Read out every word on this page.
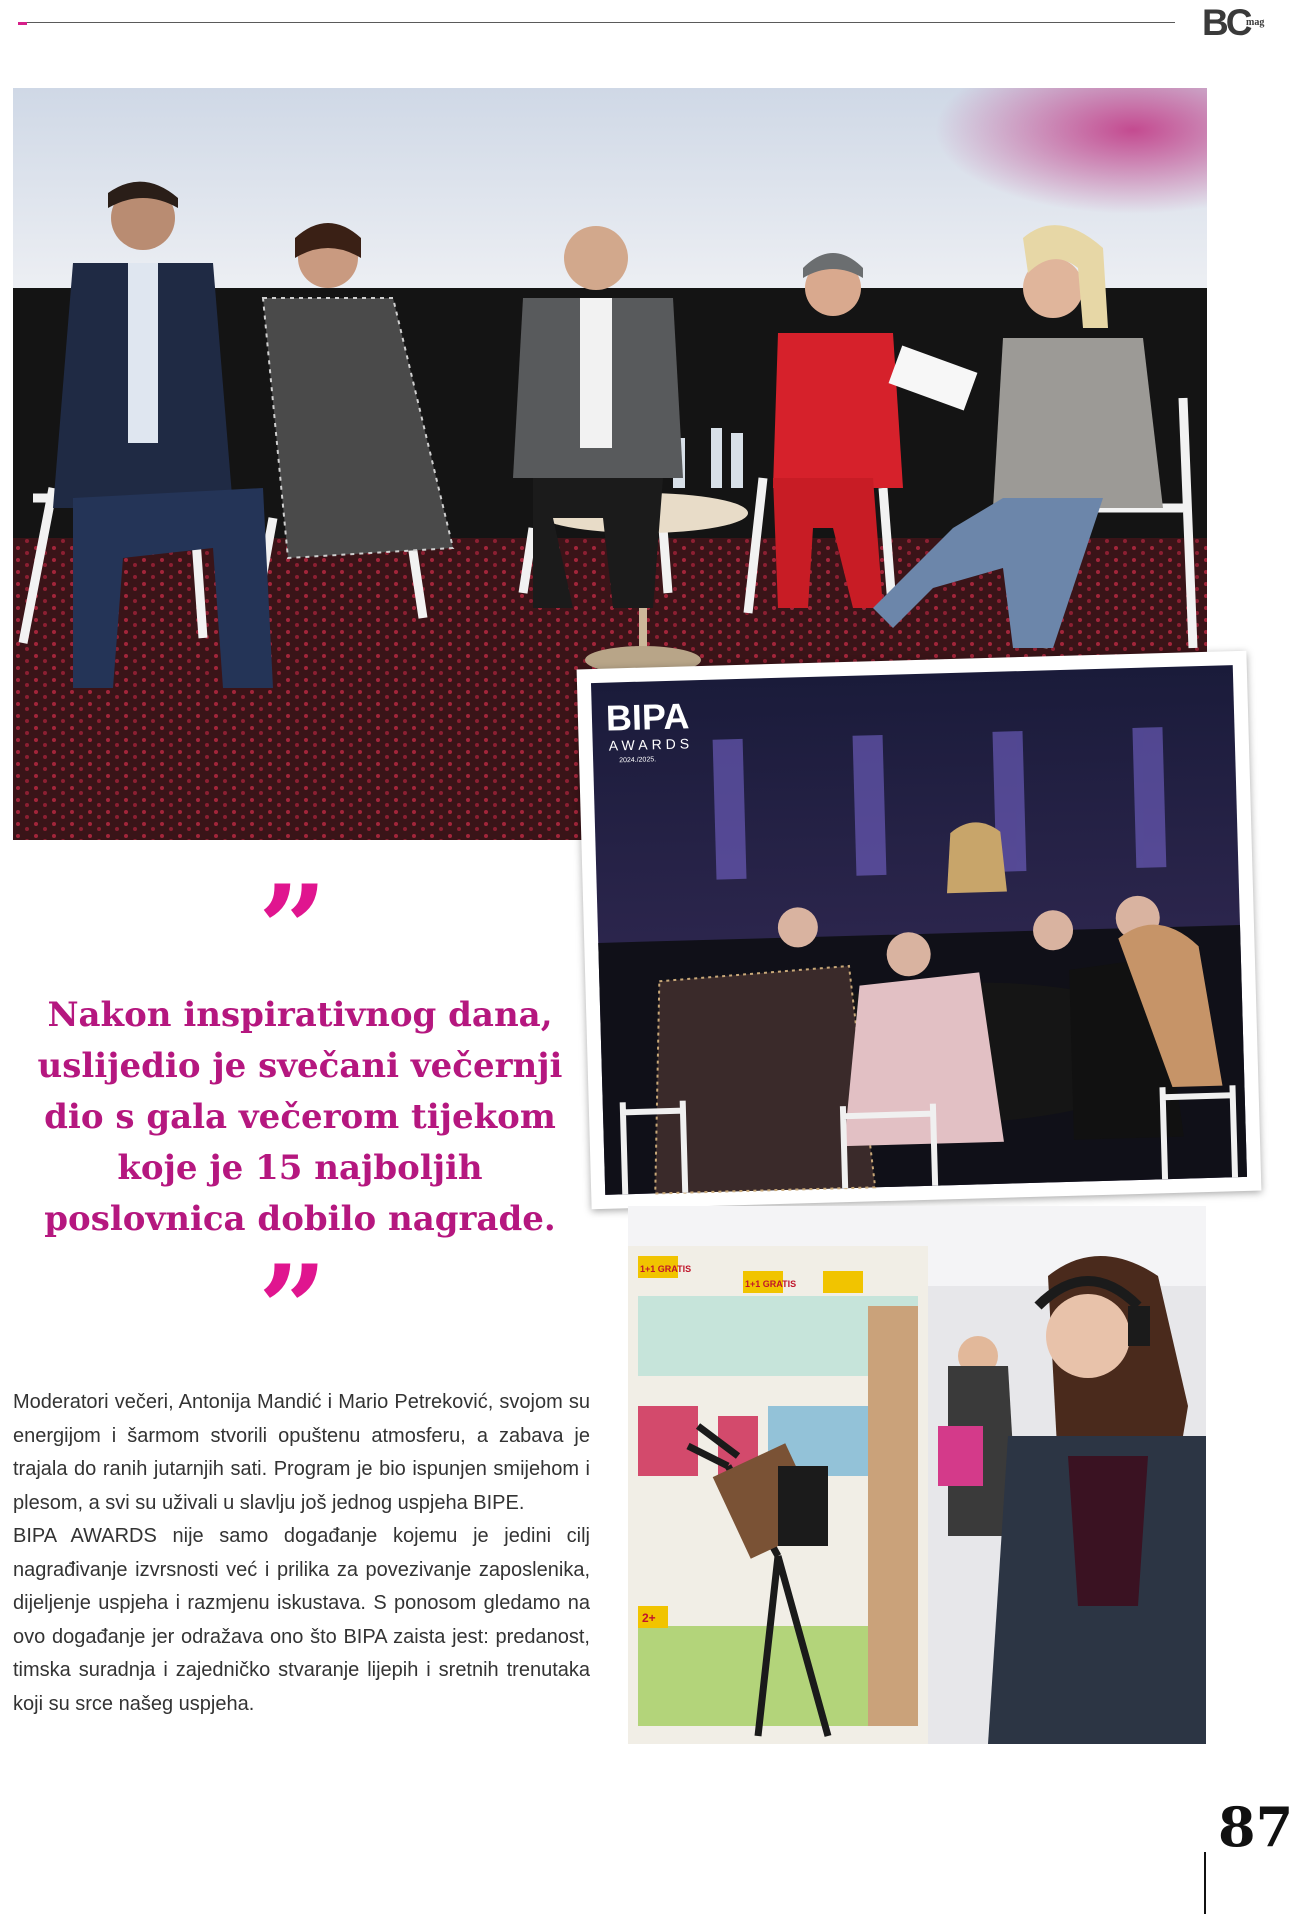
BC
mag
BIPA
AWARDS
2024./2025.
1+1 GRATIS
1+1 GRATIS
2+
”

Nakon inspirativnog dana, uslijedio je svečani večernji dio s gala večerom tijekom koje je 15 najboljih poslovnica dobilo nagrade.

”

Moderatori večeri, Antonija Mandić i Mario Petreković, svojom su energijom i šarmom stvorili opuštenu atmosferu, a zabava je trajala do ranih jutarnjih sati. Program je bio ispunjen smijehom i plesom, a svi su uživali u slavlju još jednog uspjeha BIPE.

BIPA AWARDS nije samo događanje kojemu je jedini cilj nagrađivanje izvrsnosti već i prilika za povezivanje zaposlenika, dijeljenje uspjeha i razmjenu iskustava. S ponosom gledamo na ovo događanje jer odražava ono što BIPA zaista jest: predanost, timska suradnja i zajedničko stvaranje lijepih i sretnih trenutaka koji su srce našeg uspjeha.

87
